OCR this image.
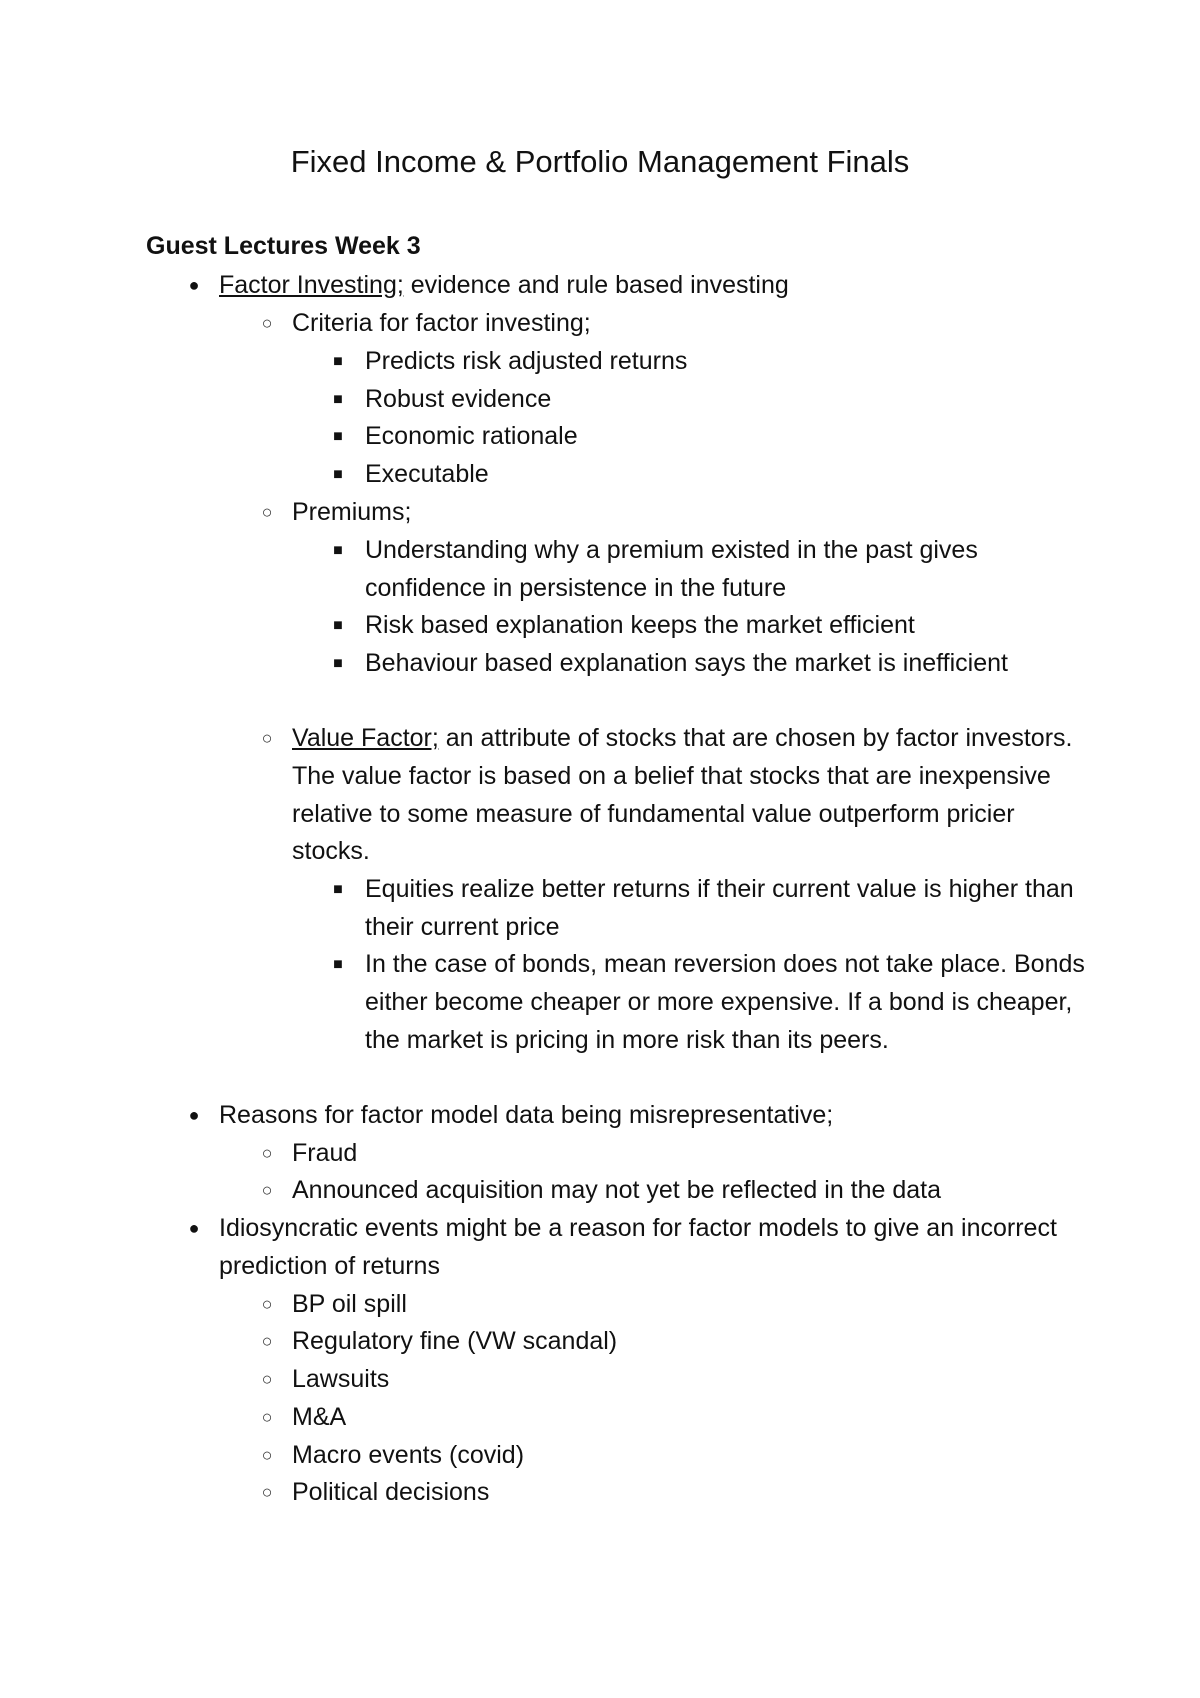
Fixed Income & Portfolio Management Finals
Guest Lectures Week 3
● Factor Investing; evidence and rule based investing
○ Criteria for factor investing;
■ Predicts risk adjusted returns
■ Robust evidence
■ Economic rationale
■ Executable
○ Premiums;
■ Understanding why a premium existed in the past gives confidence in persistence in the future
■ Risk based explanation keeps the market efficient
■ Behaviour based explanation says the market is inefficient
○ Value Factor; an attribute of stocks that are chosen by factor investors. The value factor is based on a belief that stocks that are inexpensive relative to some measure of fundamental value outperform pricier stocks.
■ Equities realize better returns if their current value is higher than their current price
■ In the case of bonds, mean reversion does not take place. Bonds either become cheaper or more expensive. If a bond is cheaper, the market is pricing in more risk than its peers.
● Reasons for factor model data being misrepresentative;
○ Fraud
○ Announced acquisition may not yet be reflected in the data
● Idiosyncratic events might be a reason for factor models to give an incorrect prediction of returns
○ BP oil spill
○ Regulatory fine (VW scandal)
○ Lawsuits
○ M&A
○ Macro events (covid)
○ Political decisions
